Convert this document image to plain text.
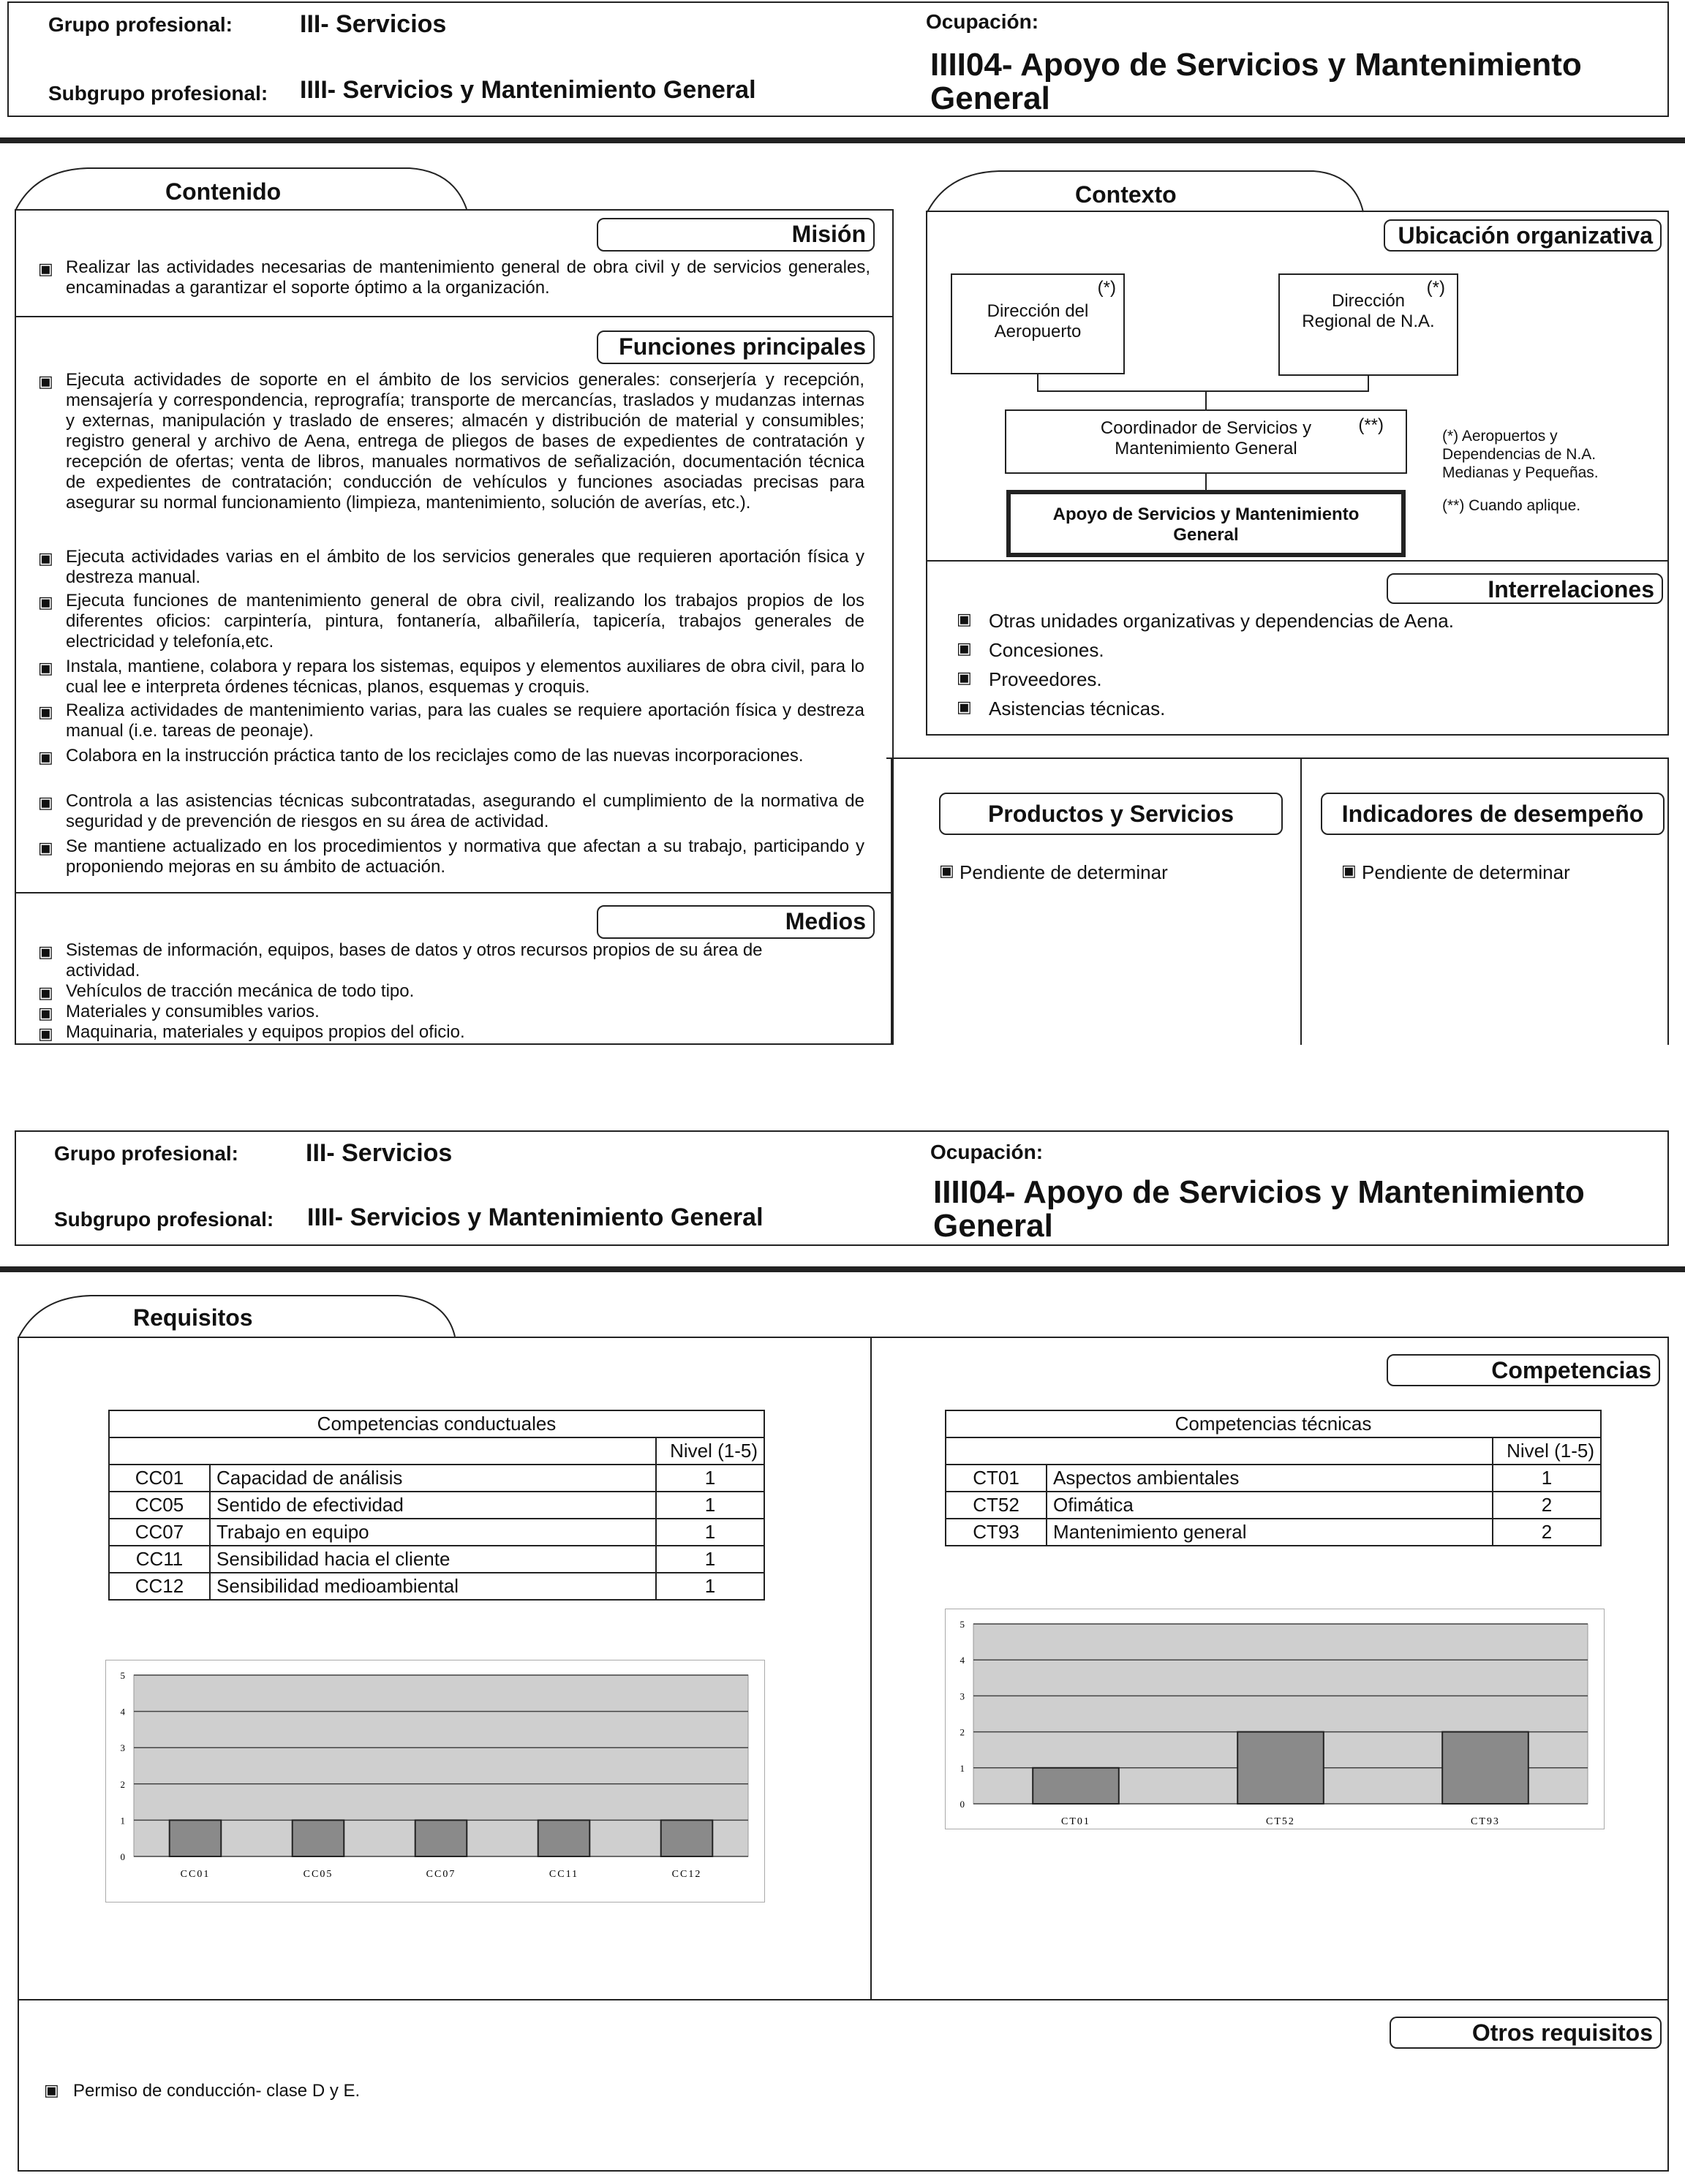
Grupo profesional:	III- Servicios
Subgrupo profesional: IIII- Servicios y Mantenimiento General
Ocupación:
IIII04- Apoyo de Servicios y Mantenimiento
General
Contenido
Misión
▣ Realizar las actividades necesarias de mantenimiento general de obra civil y de servicios generales, encaminadas a garantizar el soporte óptimo a la organización.
Funciones principales
▣ Ejecuta actividades de soporte en el ámbito de los servicios generales: conserjería y recepción, mensajería y correspondencia, reprografía; transporte de mercancías, traslados y mudanzas internas y externas, manipulación y traslado de enseres; almacén y distribución de material y consumibles; registro general y archivo de Aena, entrega de pliegos de bases de expedientes de contratación y recepción de ofertas; venta de libros, manuales normativos de señalización, documentación técnica de expedientes de contratación; conducción de vehículos y funciones asociadas precisas para asegurar su normal funcionamiento (limpieza, mantenimiento, solución de averías, etc.).
▣ Ejecuta actividades varias en el ámbito de los servicios generales que requieren aportación física y destreza manual.
▣ Ejecuta funciones de mantenimiento general de obra civil, realizando los trabajos propios de los diferentes oficios: carpintería, pintura, fontanería, albañilería, tapicería, trabajos generales de electricidad y telefonía,etc.
▣ Instala, mantiene, colabora y repara los sistemas, equipos y elementos auxiliares de obra civil, para lo cual lee e interpreta órdenes técnicas, planos, esquemas y croquis.
▣ Realiza actividades de mantenimiento varias, para las cuales se requiere aportación física y destreza manual (i.e. tareas de peonaje).
▣ Colabora en la instrucción práctica tanto de los reciclajes como de las nuevas incorporaciones.
▣ Controla a las asistencias técnicas subcontratadas, asegurando el cumplimiento de la normativa de seguridad y de prevención de riesgos en su área de actividad.
▣ Se mantiene actualizado en los procedimientos y normativa que afectan a su trabajo, participando y proponiendo mejoras en su ámbito de actuación.
Medios
▣ Sistemas de información, equipos, bases de datos y otros recursos propios de su área de actividad.
▣ Vehículos de tracción mecánica de todo tipo.
▣ Materiales y consumibles varios.
▣ Maquinaria, materiales y equipos propios del oficio.
Contexto
Ubicación organizativa
Dirección del Aeropuerto
(*)
Dirección Regional de N.A.
(*)
Coordinador de Servicios y Mantenimiento General
(**)
Apoyo de Servicios y Mantenimiento General
(*) Aeropuertos y Dependencias de N.A. Medianas y Pequeñas.
(**) Cuando aplique.
Interrelaciones
▣ Otras unidades organizativas y dependencias de Aena.
▣ Concesiones.
▣ Proveedores.
▣ Asistencias técnicas.
Productos y Servicios
▣ Pendiente de determinar
Indicadores de desempeño
▣ Pendiente de determinar
Grupo profesional:	III- Servicios
Subgrupo profesional: IIII- Servicios y Mantenimiento General
Ocupación:
IIII04- Apoyo de Servicios y Mantenimiento
General
Requisitos
Competencias
Competencias conductuales		
		Nivel (1-5)
CC01	Capacidad de análisis	1
CC05	Sentido de efectividad	1
CC07	Trabajo en equipo	1
CC11	Sensibilidad hacia el cliente	1
CC12	Sensibilidad medioambiental	1
Competencias técnicas		
		Nivel (1-5)
CT01	Aspectos ambientales	1
CT52	Ofimática	2
CT93	Mantenimiento general	2
0
1
2
3
4
5
CC01	CC05	CC07	CC11	CC12
0
1
2
3
4
5
CT01	CT52	CT93
Otros requisitos
▣ Permiso de conducción- clase D y E.
